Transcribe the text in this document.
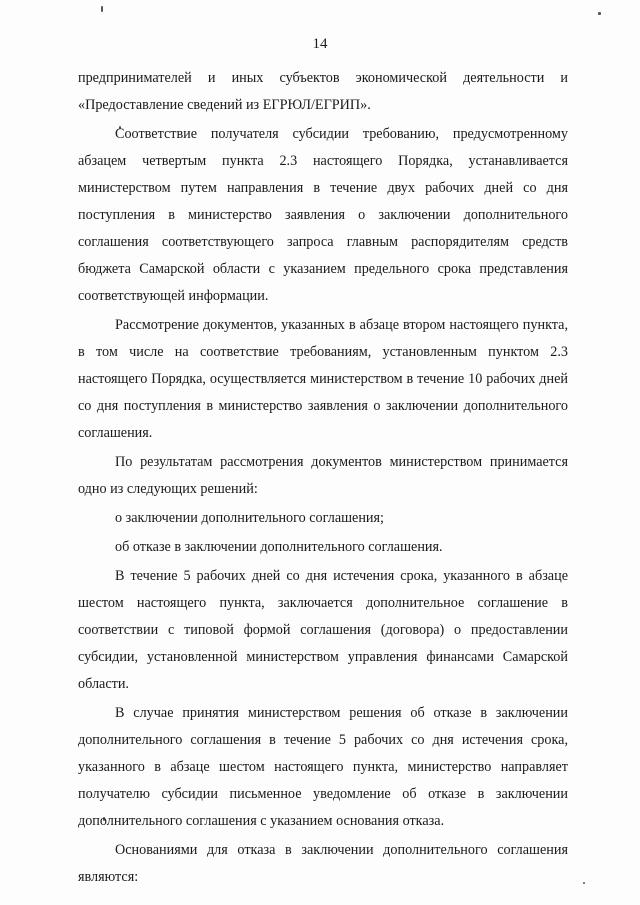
14

предпринимателей и иных субъектов экономической деятельности и «Предоставление сведений из ЕГРЮЛ/ЕГРИП».

Соответствие получателя субсидии требованию, предусмотренному абзацем четвертым пункта 2.3 настоящего Порядка, устанавливается министерством путем направления в течение двух рабочих дней со дня поступления в министерство заявления о заключении дополнительного соглашения соответствующего запроса главным распорядителям средств бюджета Самарской области с указанием предельного срока представления соответствующей информации.

Рассмотрение документов, указанных в абзаце втором настоящего пункта, в том числе на соответствие требованиям, установленным пунктом 2.3 настоящего Порядка, осуществляется министерством в течение 10 рабочих дней со дня поступления в министерство заявления о заключении дополнительного соглашения.

По результатам рассмотрения документов министерством принимается одно из следующих решений:

о заключении дополнительного соглашения;

об отказе в заключении дополнительного соглашения.

В течение 5 рабочих дней со дня истечения срока, указанного в абзаце шестом настоящего пункта, заключается дополнительное соглашение в соответствии с типовой формой соглашения (договора) о предоставлении субсидии, установленной министерством управления финансами Самарской области.

В случае принятия министерством решения об отказе в заключении дополнительного соглашения в течение 5 рабочих со дня истечения срока, указанного в абзаце шестом настоящего пункта, министерство направляет получателю субсидии письменное уведомление об отказе в заключении дополнительного соглашения с указанием основания отказа.

Основаниями для отказа в заключении дополнительного соглашения являются:
